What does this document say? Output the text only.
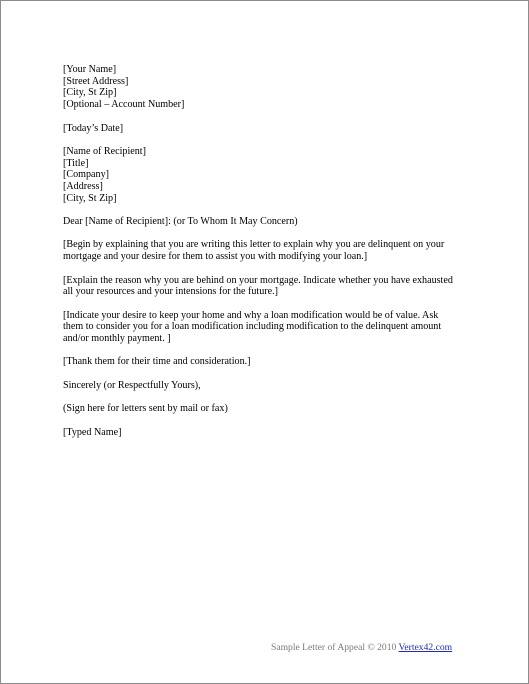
[Your Name]
[Street Address]
[City, St Zip]
[Optional – Account Number]
[Today’s Date]
[Name of Recipient]
[Title]
[Company]
[Address]
[City, St Zip]
Dear [Name of Recipient]: (or To Whom It May Concern)
[Begin by explaining that you are writing this letter to explain why you are delinquent on your
mortgage and your desire for them to assist you with modifying your loan.]
[Explain the reason why you are behind on your mortgage. Indicate whether you have exhausted
all your resources and your intensions for the future.]
[Indicate your desire to keep your home and why a loan modification would be of value. Ask
them to consider you for a loan modification including modification to the delinquent amount
and/or monthly payment. ]
[Thank them for their time and consideration.]
Sincerely (or Respectfully Yours),
(Sign here for letters sent by mail or fax)
[Typed Name]
Sample Letter of Appeal © 2010 Vertex42.com
